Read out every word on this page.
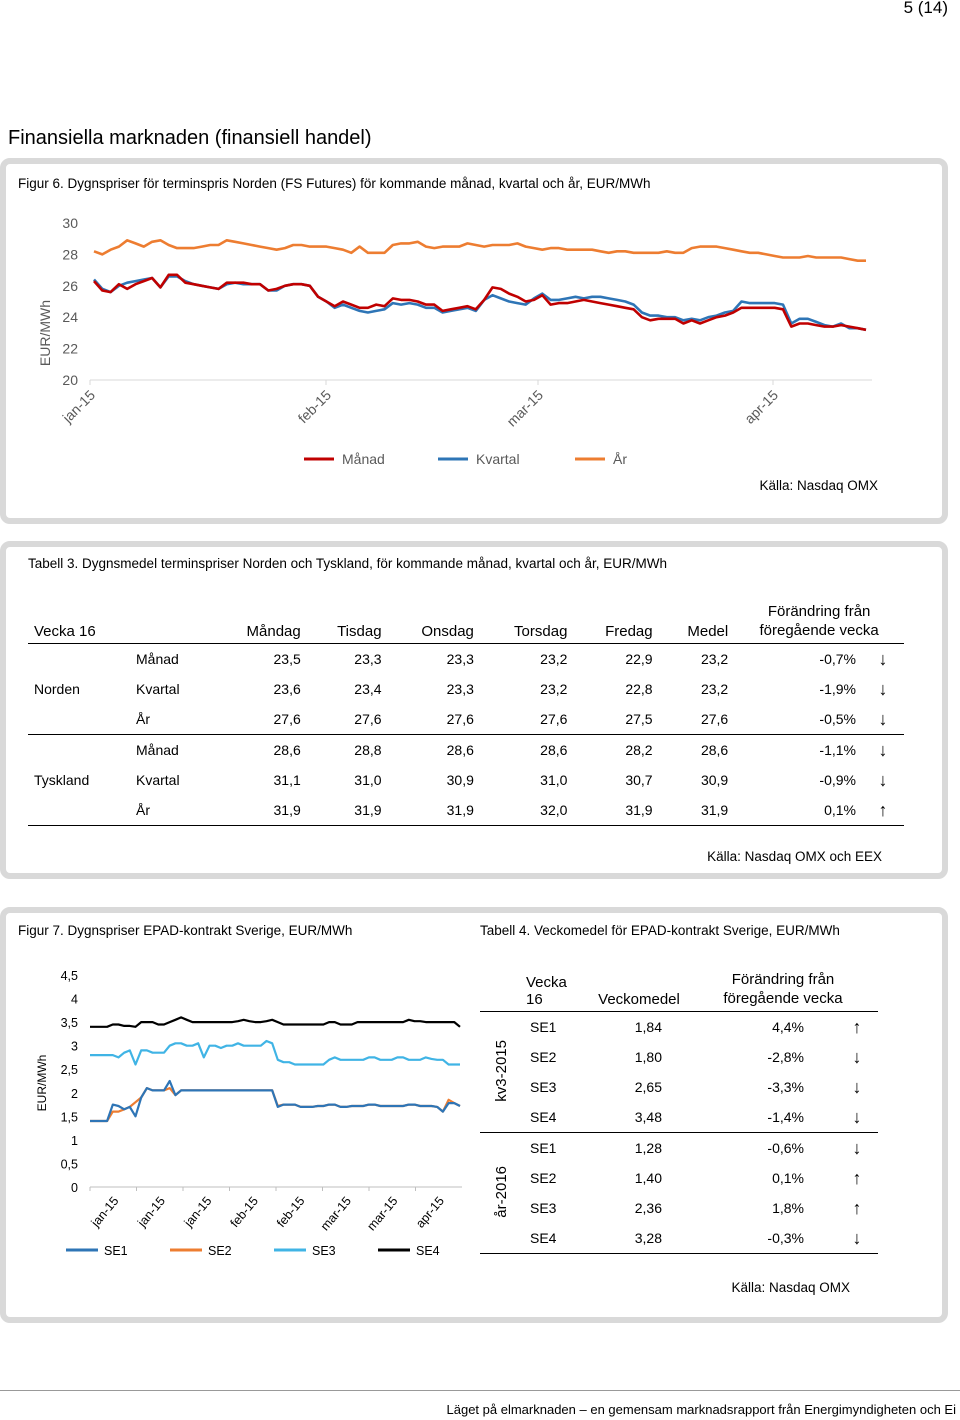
5 (14)
Finansiella marknaden (finansiell handel)
Figur 6. Dygnspriser för terminspris Norden (FS Futures) för kommande månad, kvartal och år, EUR/MWh
30
28
26
24
22
20
EUR/MWh
jan-15	feb-15	mar-15	apr-15
Månad	Kvartal	År
Källa: Nasdaq OMX
Tabell 3. Dygnsmedel terminspriser Norden och Tyskland, för kommande månad, kvartal och år, EUR/MWh
Vecka 16		Måndag	Tisdag	Onsdag	Torsdag	Fredag	Medel	Förändring från
föregående vecka	
Norden	Månad	23,5	23,3	23,3	23,2	22,9	23,2	-0,7%	↓
	Kvartal	23,6	23,4	23,3	23,2	22,8	23,2	-1,9%	↓
	År	27,6	27,6	27,6	27,6	27,5	27,6	-0,5%	↓
Tyskland	Månad	28,6	28,8	28,6	28,6	28,2	28,6	-1,1%	↓
	Kvartal	31,1	31,0	30,9	31,0	30,7	30,9	-0,9%	↓
	År	31,9	31,9	31,9	32,0	31,9	31,9	0,1%	↑
Källa: Nasdaq OMX och EEX
Figur 7. Dygnspriser EPAD-kontrakt Sverige, EUR/MWh
4,5
4
3,5
3
2,5
2
1,5
1
0,5
0
EUR/MWh
jan-15 jan-15 jan-15 feb-15 feb-15 mar-15 mar-15 apr-15
SE1	SE2	SE3	SE4
Tabell 4. Veckomedel för EPAD-kontrakt Sverige, EUR/MWh
	Vecka 16	Veckomedel	Förändring från
föregående vecka	
kv3-2015	SE1	1,84	4,4%	↑
	SE2	1,80	-2,8%	↓
	SE3	2,65	-3,3%	↓
	SE4	3,48	-1,4%	↓
år-2016	SE1	1,28	-0,6%	↓
	SE2	1,40	0,1%	↑
	SE3	2,36	1,8%	↑
	SE4	3,28	-0,3%	↓
Källa: Nasdaq OMX
Läget på elmarknaden – en gemensam marknadsrapport från Energimyndigheten och Ei
